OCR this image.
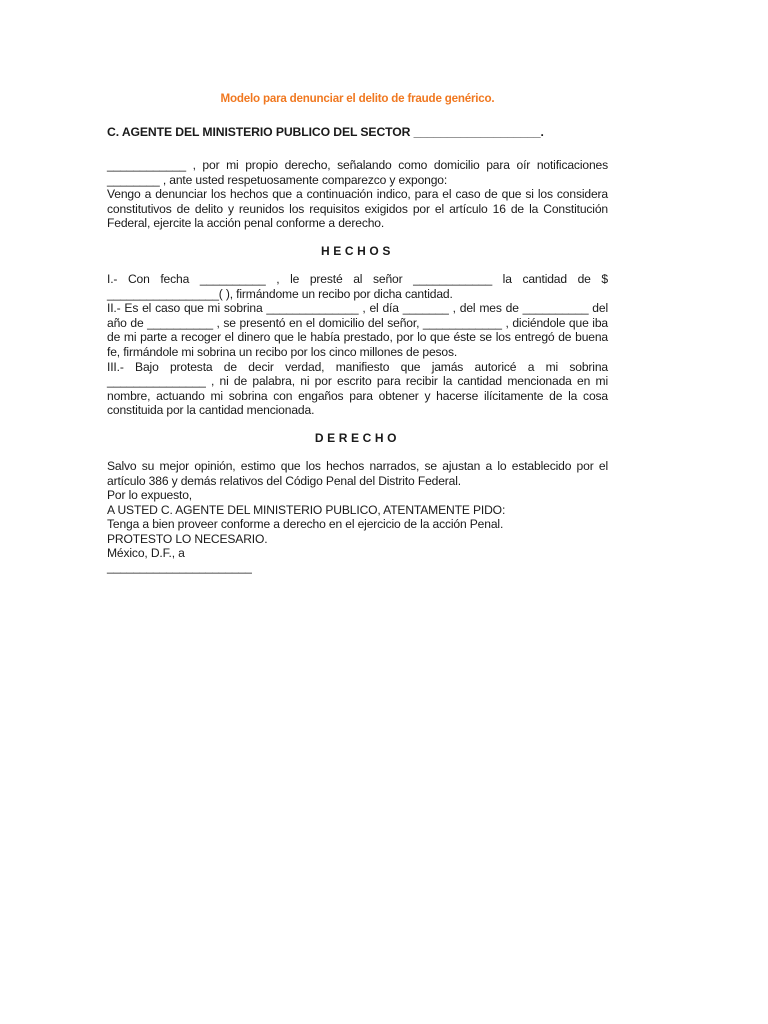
Modelo para denunciar el delito de fraude genérico.
C. AGENTE DEL MINISTERIO PUBLICO DEL SECTOR ___________________.

____________ , por mi propio derecho, señalando como domicilio para oír notificaciones ________ , ante usted respetuosamente comparezco y expongo:

Vengo a denunciar los hechos que a continuación indico, para el caso de que si los considera constitutivos de delito y reunidos los requisitos exigidos por el artículo 16 de la Constitución Federal, ejercite la acción penal conforme a derecho.

HECHOS

I.- Con fecha __________ , le presté al señor ____________ la cantidad de $ _________________( ), firmándome un recibo por dicha cantidad.

II.- Es el caso que mi sobrina ______________ , el día _______ , del mes de __________ del año de __________ , se presentó en el domicilio del señor, ____________ , diciéndole que iba de mi parte a recoger el dinero que le había prestado, por lo que éste se los entregó de buena fe, firmándole mi sobrina un recibo por los cinco millones de pesos.

III.- Bajo protesta de decir verdad, manifiesto que jamás autoricé a mi sobrina _______________ , ni de palabra, ni por escrito para recibir la cantidad mencionada en mi nombre, actuando mi sobrina con engaños para obtener y hacerse ilícitamente de la cosa constituida por la cantidad mencionada.

DERECHO

Salvo su mejor opinión, estimo que los hechos narrados, se ajustan a lo establecido por el artículo 386 y demás relativos del Código Penal del Distrito Federal.

Por lo expuesto,
A USTED C. AGENTE DEL MINISTERIO PUBLICO, ATENTAMENTE PIDO:
Tenga a bien proveer conforme a derecho en el ejercicio de la acción Penal.
PROTESTO LO NECESARIO.
México, D.F., a
______________________
